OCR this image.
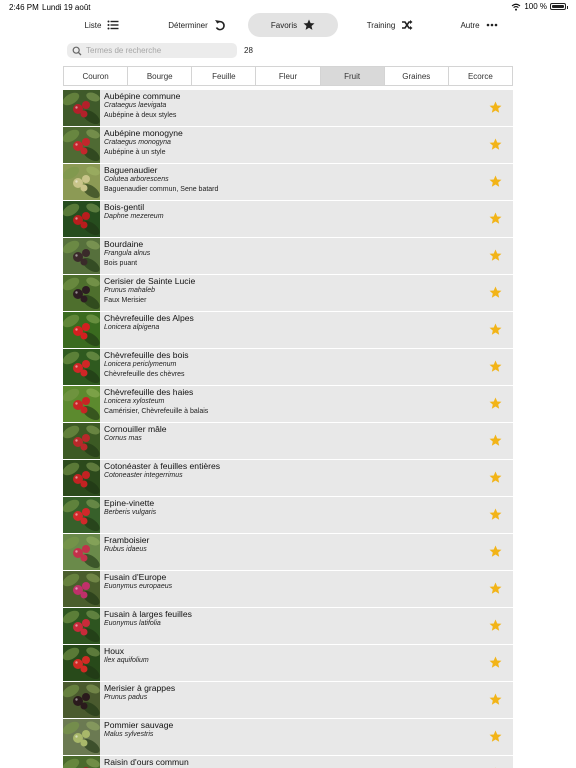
2:46 PM Lundi 19 août	100 %
Liste	Déterminer	Favoris	Training	Autre
Termes de recherche	28
Couron	Bourge	Feuille	Fleur	Fruit	Graines	Ecorce
Aubépine commune
Crataegus laevigata
Aubépine à deux styles
Aubépine monogyne
Crataegus monogyna
Aubépine à un style
Baguenaudier
Colutea arborescens
Baguenaudier commun, Sene batard
Bois-gentil
Daphne mezereum
Bourdaine
Frangula alnus
Bois puant
Cerisier de Sainte Lucie
Prunus mahaleb
Faux Merisier
Chèvrefeuille des Alpes
Lonicera alpigena
Chèvrefeuille des bois
Lonicera periclymenum
Chèvrefeuille des chèvres
Chèvrefeuille des haies
Lonicera xylosteum
Camérisier, Chèvrefeuille à balais
Cornouiller mâle
Cornus mas
Cotonéaster à feuilles entières
Cotoneaster integerrimus
Epine-vinette
Berberis vulgaris
Framboisier
Rubus idaeus
Fusain d'Europe
Euonymus europaeus
Fusain à larges feuilles
Euonymus latifolia
Houx
Ilex aquifolium
Merisier à grappes
Prunus padus
Pommier sauvage
Malus sylvestris
Raisin d'ours commun
